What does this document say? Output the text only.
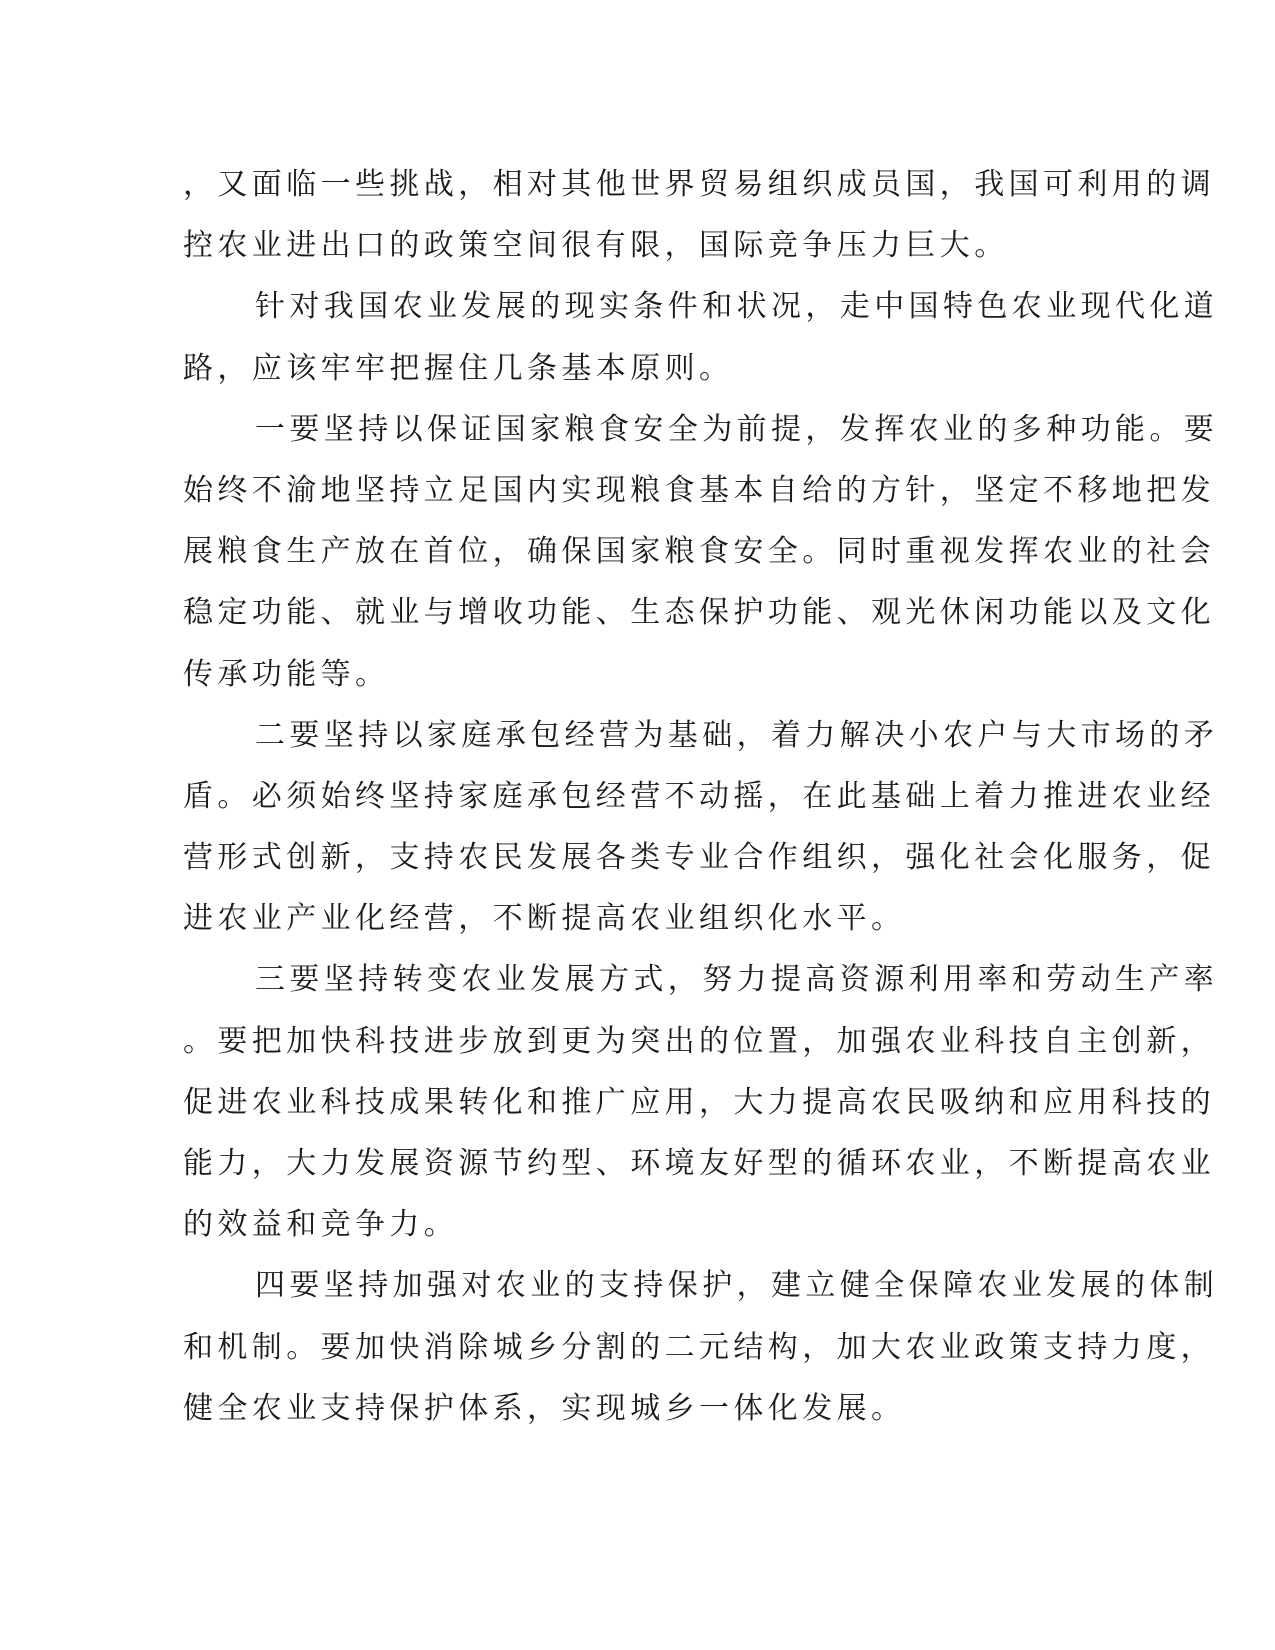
，又面临一些挑战，相对其他世界贸易组织成员国，我国可利用的调
控农业进出口的政策空间很有限，国际竞争压力巨大。
针对我国农业发展的现实条件和状况，走中国特色农业现代化道
路，应该牢牢把握住几条基本原则。
一要坚持以保证国家粮食安全为前提，发挥农业的多种功能。要
始终不渝地坚持立足国内实现粮食基本自给的方针，坚定不移地把发
展粮食生产放在首位，确保国家粮食安全。同时重视发挥农业的社会
稳定功能、就业与增收功能、生态保护功能、观光休闲功能以及文化
传承功能等。
二要坚持以家庭承包经营为基础，着力解决小农户与大市场的矛
盾。必须始终坚持家庭承包经营不动摇，在此基础上着力推进农业经
营形式创新，支持农民发展各类专业合作组织，强化社会化服务，促
进农业产业化经营，不断提高农业组织化水平。
三要坚持转变农业发展方式，努力提高资源利用率和劳动生产率
。要把加快科技进步放到更为突出的位置，加强农业科技自主创新，
促进农业科技成果转化和推广应用，大力提高农民吸纳和应用科技的
能力，大力发展资源节约型、环境友好型的循环农业，不断提高农业
的效益和竞争力。
四要坚持加强对农业的支持保护，建立健全保障农业发展的体制
和机制。要加快消除城乡分割的二元结构，加大农业政策支持力度，
健全农业支持保护体系，实现城乡一体化发展。
